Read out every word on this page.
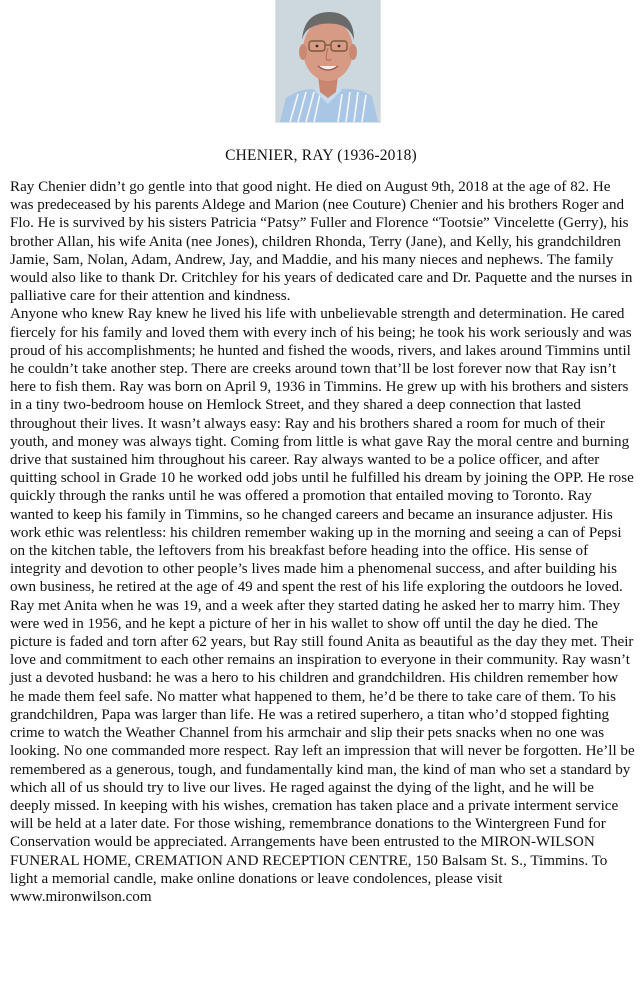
CHENIER, RAY (1936-2018)

Ray Chenier didn’t go gentle into that good night. He died on August 9th, 2018 at the age of 82. He was predeceased by his parents Aldege and Marion (nee Couture) Chenier and his brothers Roger and Flo. He is survived by his sisters Patricia “Patsy” Fuller and Florence “Tootsie” Vincelette (Gerry), his brother Allan, his wife Anita (nee Jones), children Rhonda, Terry (Jane), and Kelly, his grandchildren Jamie, Sam, Nolan, Adam, Andrew, Jay, and Maddie, and his many nieces and nephews. The family would also like to thank Dr. Critchley for his years of dedicated care and Dr. Paquette and the nurses in palliative care for their attention and kindness.

Anyone who knew Ray knew he lived his life with unbelievable strength and determination. He cared fiercely for his family and loved them with every inch of his being; he took his work seriously and was proud of his accomplishments; he hunted and fished the woods, rivers, and lakes around Timmins until he couldn’t take another step. There are creeks around town that’ll be lost forever now that Ray isn’t here to fish them. Ray was born on April 9, 1936 in Timmins. He grew up with his brothers and sisters in a tiny two-bedroom house on Hemlock Street, and they shared a deep connection that lasted throughout their lives. It wasn’t always easy: Ray and his brothers shared a room for much of their youth, and money was always tight. Coming from little is what gave Ray the moral centre and burning drive that sustained him throughout his career. Ray always wanted to be a police officer, and after quitting school in Grade 10 he worked odd jobs until he fulfilled his dream by joining the OPP. He rose quickly through the ranks until he was offered a promotion that entailed moving to Toronto. Ray wanted to keep his family in Timmins, so he changed careers and became an insurance adjuster. His work ethic was relentless: his children remember waking up in the morning and seeing a can of Pepsi on the kitchen table, the leftovers from his breakfast before heading into the office. His sense of integrity and devotion to other people’s lives made him a phenomenal success, and after building his own business, he retired at the age of 49 and spent the rest of his life exploring the outdoors he loved. Ray met Anita when he was 19, and a week after they started dating he asked her to marry him. They were wed in 1956, and he kept a picture of her in his wallet to show off until the day he died. The picture is faded and torn after 62 years, but Ray still found Anita as beautiful as the day they met. Their love and commitment to each other remains an inspiration to everyone in their community. Ray wasn’t just a devoted husband: he was a hero to his children and grandchildren. His children remember how he made them feel safe. No matter what happened to them, he’d be there to take care of them. To his grandchildren, Papa was larger than life. He was a retired superhero, a titan who’d stopped fighting crime to watch the Weather Channel from his armchair and slip their pets snacks when no one was looking. No one commanded more respect. Ray left an impression that will never be forgotten. He’ll be remembered as a generous, tough, and fundamentally kind man, the kind of man who set a standard by which all of us should try to live our lives. He raged against the dying of the light, and he will be deeply missed. In keeping with his wishes, cremation has taken place and a private interment service will be held at a later date. For those wishing, remembrance donations to the Wintergreen Fund for Conservation would be appreciated. Arrangements have been entrusted to the MIRON-WILSON FUNERAL HOME, CREMATION AND RECEPTION CENTRE, 150 Balsam St. S., Timmins. To light a memorial candle, make online donations or leave condolences, please visit www.mironwilson.com
